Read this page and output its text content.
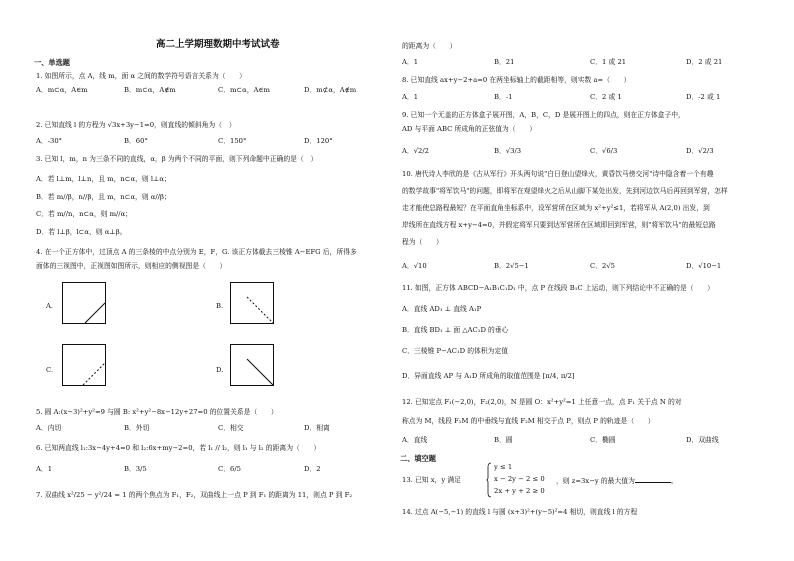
高二上学期理数期中考试试卷
一、单选题
1. 如图所示，点 A，线 m，面 α 之间的数学符号语言关系为（　　）
A．m⊂α，A∈m	B．m⊂α，A∉m	C．m⊂α，A∈m	D．m⊄α，A∉m
2. 已知直线 l 的方程为 √3x+3y−1=0，则直线的倾斜角为（　）
A．-30°	B．60°	C．150°	D．120°
3. 已知 l，m，n 为三条不同的直线，α，β 为两个不同的平面，则下列命题中正确的是（　）
A．若 l⊥m，l⊥n，且 m，n⊂α，则 l⊥α；
B．若 m//β，n//β，且 m，n⊂α，则 α//β；
C．若 m//n，n⊂α，则 m//α；
D．若 l⊥β，l⊂α，则 α⊥β。
4. 在一个正方体中，过顶点 A 的三条棱的中点分别为 E，F，G. 该正方体截去三棱锥 A−EFG 后，所得多
面体的三视图中，正视图如图所示，则相应的侧视图是（　　）
A.	B.
C.	D.
5. 圆 A:(x−3)²+y²=9 与圆 B: x²+y²−8x−12y+27=0 的位置关系是（　　）
A．内切	B．外切	C．相交	D．相离
6. 已知两直线 l₁:3x−4y+4=0 和 l₂:6x+my−2=0，若 l₁ // l₂，则 l₁ 与 l₂ 的距离为（　　）
A．1	B．3/5	C．6/5	D．2
7. 双曲线 x²/25 − y²/24 = 1 的两个焦点为 F₁，F₂，双曲线上一点 P 到 F₁ 的距离为 11，则点 P 到 F₂
的距离为（　　）
A．1	B．21	C．1 或 21	D．2 或 21
8. 已知直线 ax+y−2+a=0 在两坐标轴上的截距相等，则实数 a=（　　）
A．1	B．-1	C．2 或 1	D．-2 或 1
9. 已知一个无盖的正方体盒子展开图，A，B，C，D 是展开图上的四点，则在正方体盒子中，
AD 与平面 ABC 所成角的正弦值为（　　）
A．√2/2	B．√3/3	C．√6/3	D．√2/3
10. 唐代诗人李欣的是《古从军行》开头两句说"白日登山望烽火，黄昏饮马傍交河"诗中隐含着一个有趣
的数学故事"将军饮马"的问题，即将军在观望烽火之后从山脚下某处出发，先到河边饮马后再回到军营，怎样
走才能使总路程最短？在平面直角坐标系中，设军营所在区域为 x²+y²≤1，若将军从 A(2,0) 出发，到
岸线所在直线方程 x+y−4=0，并假定将军只要到达军营所在区域即回到军营，则"将军饮马"的最短总路
程为（　　）
A．√10	B．2√5−1	C．2√5	D．√10−1
11. 如图，正方体 ABCD−A₁B₁C₁D₁ 中，点 P 在线段 B₁C 上运动，则下列结论中不正确的是（　　）
A．直线 AD₁ ⊥ 直线 A₁P
B．直线 BD₁ ⊥ 面 △AC₁D 的垂心
C．三棱锥 P−AC₁D 的体积为定值
D．异面直线 AP 与 A₁D 所成角的取值范围是 [π/4, π/2]
12. 已知定点 F₁(−2,0)，F₂(2,0)，N 是圆 O：x²+y²=1 上任意一点，点 F₁ 关于点 N 的对
称点为 M，线段 F₁M 的中垂线与直线 F₂M 相交于点 P，则点 P 的轨迹是（　　）
A．直线	B．圆	C．椭圆	D．双曲线
二、填空题
13. 已知 x，y 满足
y ≤ 1
x − 2y − 2 ≤ 0
2x + y + 2 ≥ 0
，则 z=3x−y 的最大值为	。
14. 过点 A(−5,−1) 的直线 l 与圆 (x+3)²+(y−5)²=4 相切，则直线 l 的方程
